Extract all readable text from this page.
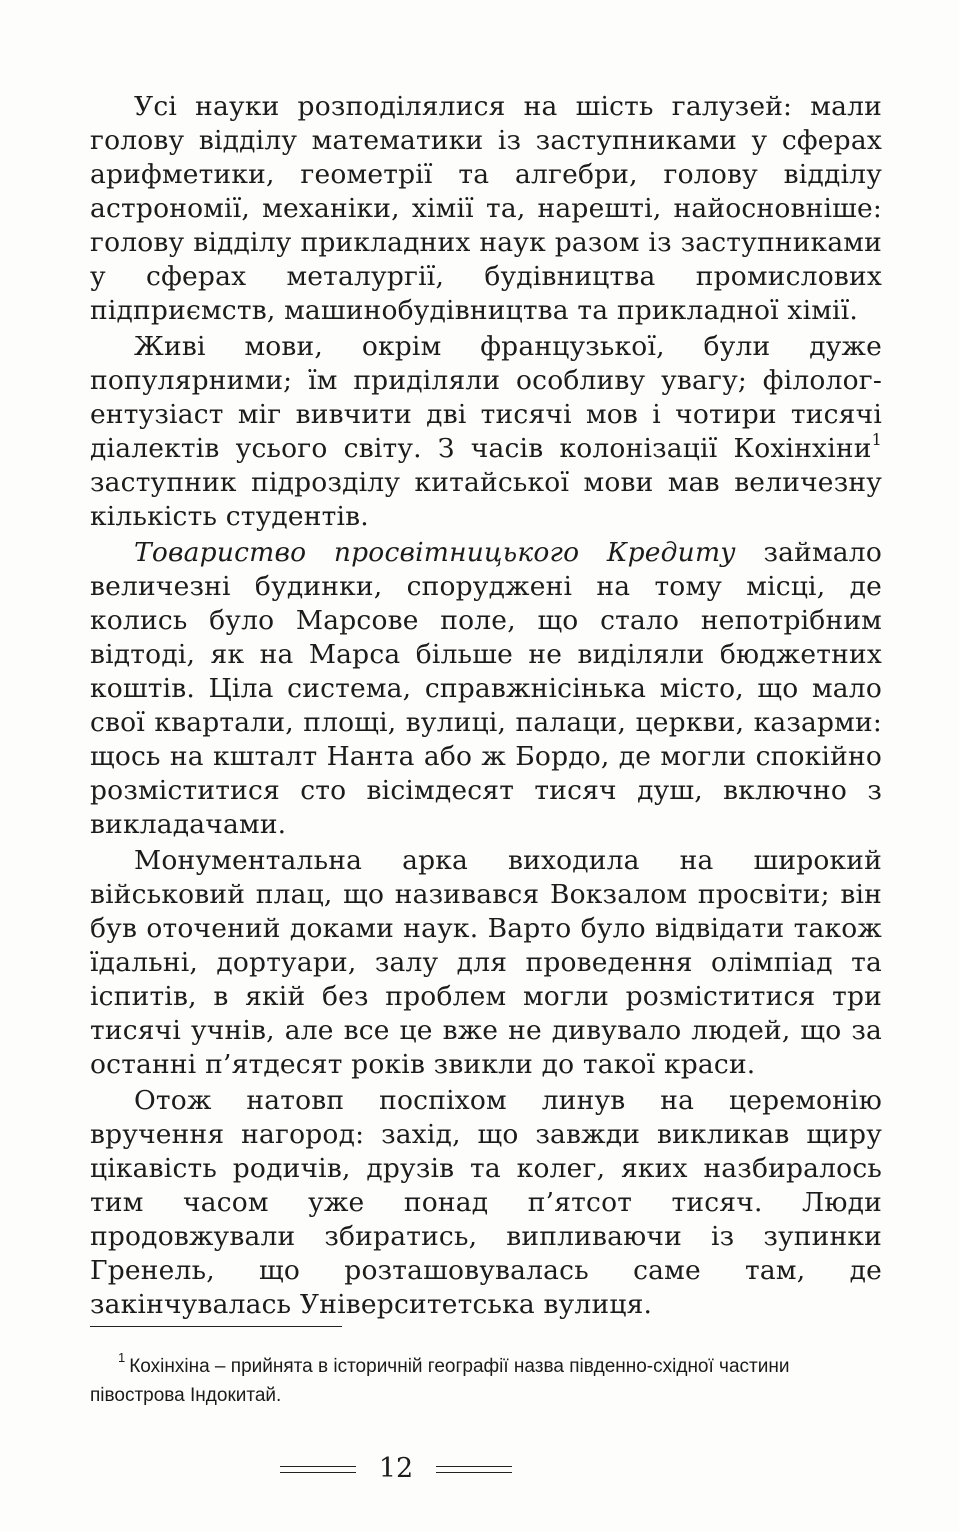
Усі науки розподілялися на шість галузей: мали голову відділу математики із заступниками у сферах арифметики, геометрії та алгебри, голову відділу астрономії, механіки, хімії та, нарешті, найосновніше: голову відділу прикладних наук разом із заступниками у сферах металургії, будівництва промислових підприємств, машинобудівництва та прикладної хімії.

Живі мови, окрім французької, були дуже популярними; їм приділяли особливу увагу; філолог-ентузіаст міг вивчити дві тисячі мов і чотири тисячі діалектів усього світу. З часів колонізації Кохінхіни$^1$ заступник підрозділу китайської мови мав величезну кількість студентів.

Товариство просвітницького Кредиту займало величезні будинки, споруджені на тому місці, де колись було Марсове поле, що стало непотрібним відтоді, як на Марса більше не виділяли бюджетних коштів. Ціла система, справжнісінька місто, що мало свої квартали, площі, вулиці, палаци, церкви, казарми: щось на кшталт Нанта або ж Бордо, де могли спокійно розміститися сто вісімдесят тисяч душ, включно з викладачами.

Монументальна арка виходила на широкий військовий плац, що називався Вокзалом просвіти; він був оточений доками наук. Варто було відвідати також їдальні, дортуари, залу для проведення олімпіад та іспитів, в якій без проблем могли розміститися три тисячі учнів, але все це вже не дивувало людей, що за останні п’ятдесят років звикли до такої краси.

Отож натовп поспіхом линув на церемонію вручення нагород: захід, що завжди викликав щиру цікавість родичів, друзів та колег, яких назбиралось тим часом уже понад п’ятсот тисяч. Люди продовжували збиратись, випливаючи із зупинки Гренель, що розташовувалась саме там, де закінчувалась Університетська вулиця.

$^1$ Кохінхіна – прийнята в історичній географії назва південно-східної частини півострова Індокитай.
12
